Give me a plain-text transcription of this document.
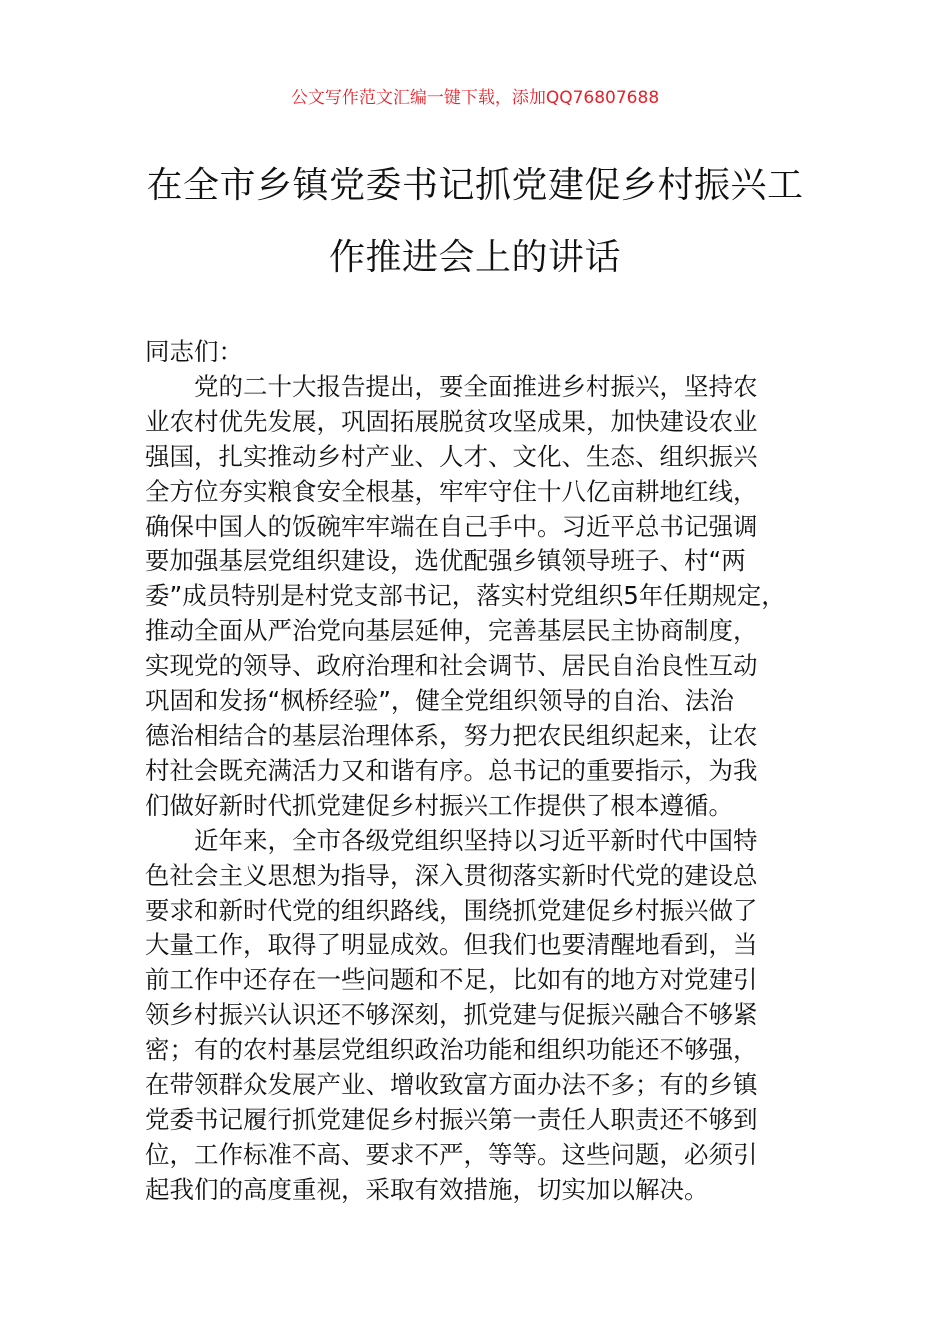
公文写作范文汇编一键下载，添加QQ76807688
在全市乡镇党委书记抓党建促乡村振兴工
作推进会上的讲话
同志们：
党的二十大报告提出，要全面推进乡村振兴，坚持农
业农村优先发展，巩固拓展脱贫攻坚成果，加快建设农业
强国，扎实推动乡村产业、人才、文化、生态、组织振兴
全方位夯实粮食安全根基，牢牢守住十八亿亩耕地红线，
确保中国人的饭碗牢牢端在自己手中。习近平总书记强调
要加强基层党组织建设，选优配强乡镇领导班子、村“两
委”成员特别是村党支部书记，落实村党组织5年任期规定，
推动全面从严治党向基层延伸，完善基层民主协商制度，
实现党的领导、政府治理和社会调节、居民自治良性互动
巩固和发扬“枫桥经验”，健全党组织领导的自治、法治
德治相结合的基层治理体系，努力把农民组织起来，让农
村社会既充满活力又和谐有序。总书记的重要指示，为我
们做好新时代抓党建促乡村振兴工作提供了根本遵循。
近年来，全市各级党组织坚持以习近平新时代中国特
色社会主义思想为指导，深入贯彻落实新时代党的建设总
要求和新时代党的组织路线，围绕抓党建促乡村振兴做了
大量工作，取得了明显成效。但我们也要清醒地看到，当
前工作中还存在一些问题和不足，比如有的地方对党建引
领乡村振兴认识还不够深刻，抓党建与促振兴融合不够紧
密；有的农村基层党组织政治功能和组织功能还不够强，
在带领群众发展产业、增收致富方面办法不多；有的乡镇
党委书记履行抓党建促乡村振兴第一责任人职责还不够到
位，工作标准不高、要求不严，等等。这些问题，必须引
起我们的高度重视，采取有效措施，切实加以解决。
